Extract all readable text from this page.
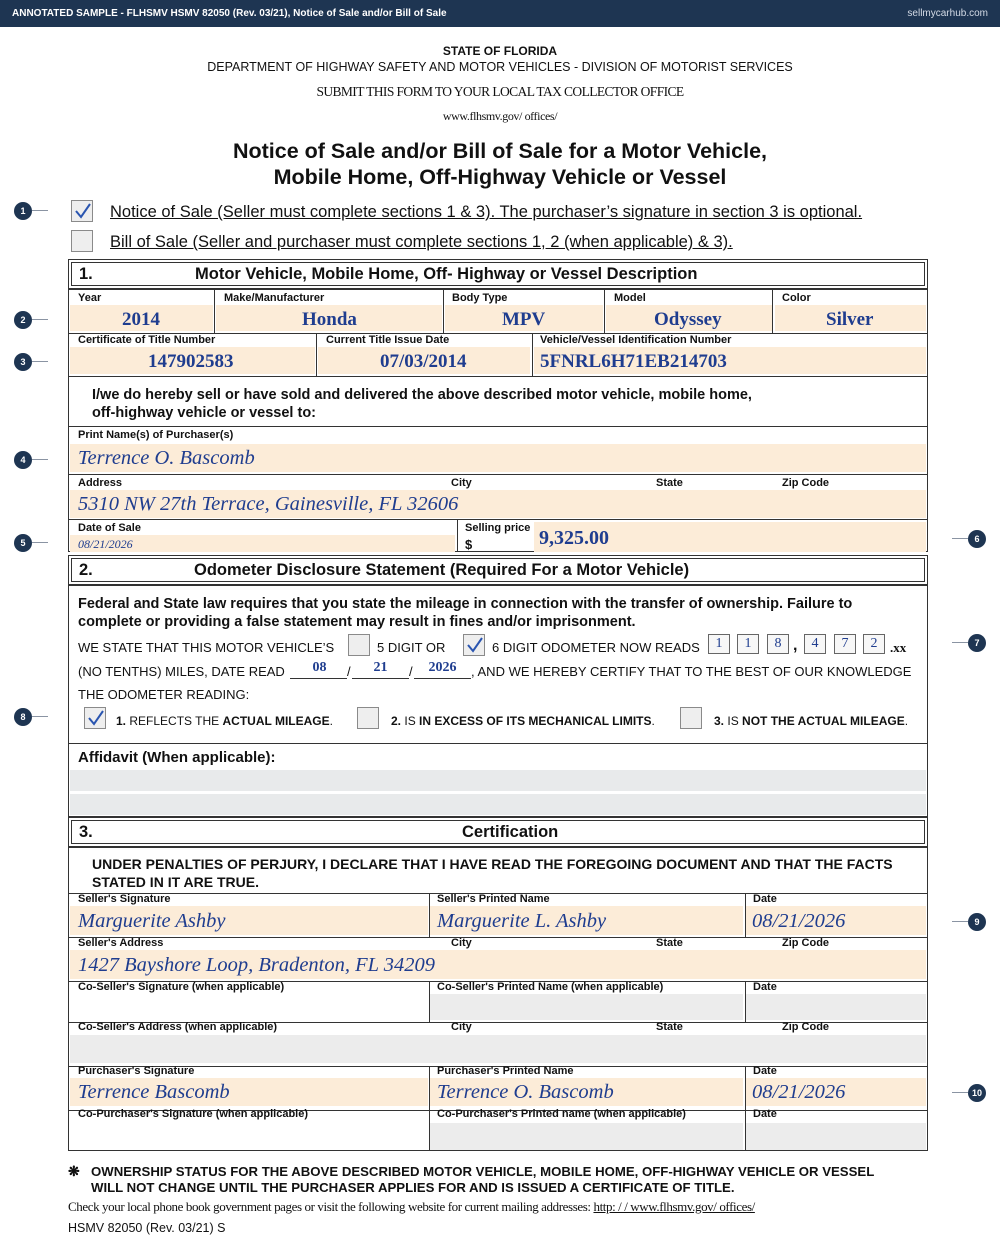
ANNOTATED SAMPLE - FLHSMV HSMV 82050 (Rev. 03/21), Notice of Sale and/or Bill of Sale	sellmycarhub.com
STATE OF FLORIDA
DEPARTMENT OF HIGHWAY SAFETY AND MOTOR VEHICLES - DIVISION OF MOTORIST SERVICES
SUBMIT THIS FORM TO YOUR LOCAL TAX COLLECTOR OFFICE
www.flhsmv.gov/ offices/
Notice of Sale and/or Bill of Sale for a Motor Vehicle,
Mobile Home, Off-Highway Vehicle or Vessel
1
2
3
4
5	6
7
8
9
10
Notice of Sale (Seller must complete sections 1 & 3). The purchaser’s signature in section 3 is optional.
Bill of Sale (Seller and purchaser must complete sections 1, 2 (when applicable) & 3).
1.	Motor Vehicle, Mobile Home, Off- Highway or Vessel Description
Year
2014
Make/Manufacturer
Honda
Body Type
MPV
Model
Odyssey
Color
Silver
Certificate of Title Number
147902583
Current Title Issue Date
07/03/2014
Vehicle/Vessel Identification Number
5FNRL6H71EB214703
I/we do hereby sell or have sold and delivered the above described motor vehicle, mobile home,
off-highway vehicle or vessel to:
Print Name(s) of Purchaser(s)
Terrence O. Bascomb
Address	City	State	Zip Code
5310 NW 27th Terrace, Gainesville, FL 32606
Date of Sale
08/21/2026
Selling price
$	9,325.00
2.	Odometer Disclosure Statement (Required For a Motor Vehicle)
Federal and State law requires that you state the mileage in connection with the transfer of ownership. Failure to
complete or providing a false statement may result in fines and/or imprisonment.
WE STATE THAT THIS MOTOR VEHICLE’S	5 DIGIT OR	6 DIGIT ODOMETER NOW READS	1	1	8 ,	4	7	2 .xx
(NO TENTHS) MILES, DATE READ	08	/	21	/	2026	, AND WE HEREBY CERTIFY THAT TO THE BEST OF OUR KNOWLEDGE
THE ODOMETER READING:
1. REFLECTS THE ACTUAL MILEAGE.	2. IS IN EXCESS OF ITS MECHANICAL LIMITS.	3. IS NOT THE ACTUAL MILEAGE.
Affidavit (When applicable):
3.	Certification
UNDER PENALTIES OF PERJURY, I DECLARE THAT I HAVE READ THE FOREGOING DOCUMENT AND THAT THE FACTS
STATED IN IT ARE TRUE.
Seller's Signature
Marguerite Ashby
Seller's Printed Name
Marguerite L. Ashby
Date
08/21/2026
Seller's Address	City	State	Zip Code
1427 Bayshore Loop, Bradenton, FL 34209
Co-Seller's Signature (when applicable)	Co-Seller's Printed Name (when applicable)	Date
Co-Seller's Address (when applicable)	City	State	Zip Code
Purchaser's Signature
Terrence Bascomb
Purchaser's Printed Name
Terrence O. Bascomb
Date
08/21/2026
Co-Purchaser's Signature (when applicable)	Co-Purchaser's Printed name (when applicable)	Date
❋ OWNERSHIP STATUS FOR THE ABOVE DESCRIBED MOTOR VEHICLE, MOBILE HOME, OFF-HIGHWAY VEHICLE OR VESSEL
WILL NOT CHANGE UNTIL THE PURCHASER APPLIES FOR AND IS ISSUED A CERTIFICATE OF TITLE.
Check your local phone book government pages or visit the following website for current mailing addresses: http: / / www.flhsmv.gov/ offices/
HSMV 82050 (Rev. 03/21) S
